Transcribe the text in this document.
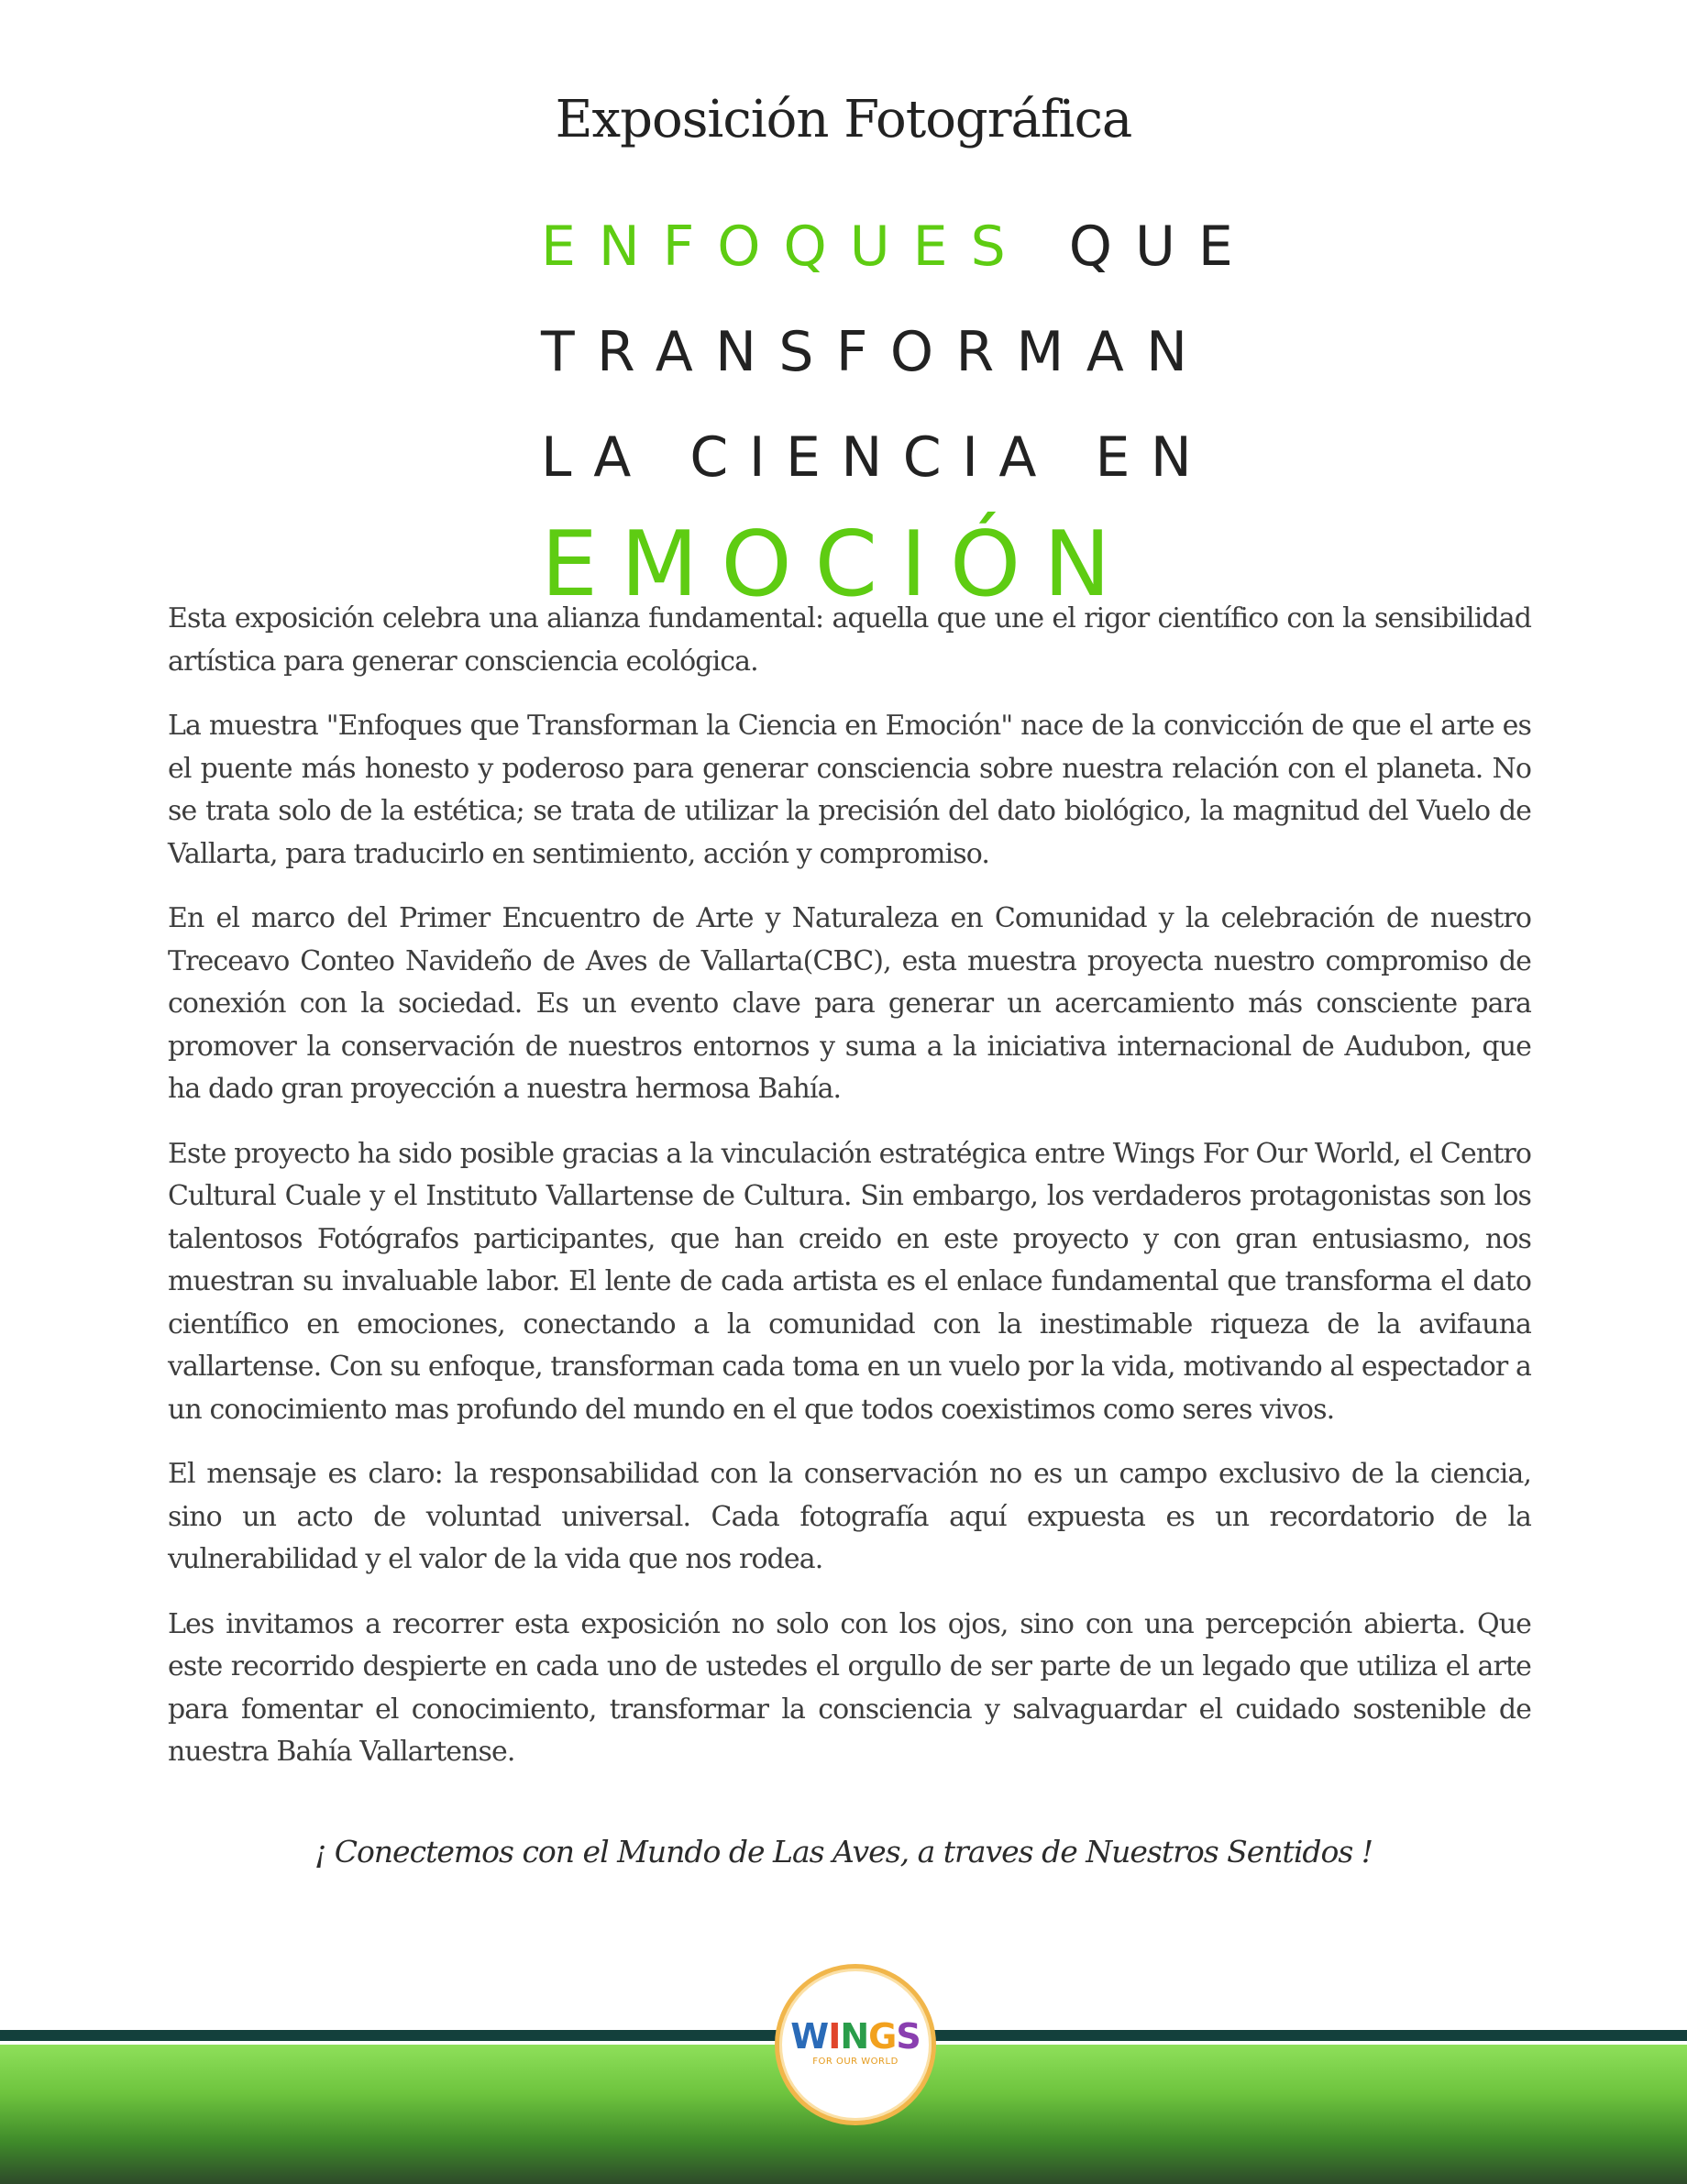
Exposición Fotográfica
ENFOQUES QUE
TRANSFORMAN
LA CIENCIA EN
EMOCIÓN

Esta exposición celebra una alianza fundamental: aquella que une el rigor científico con la sensibilidad artística para generar consciencia ecológica.

La muestra "Enfoques que Transforman la Ciencia en Emoción" nace de la convicción de que el arte es el puente más honesto y poderoso para generar consciencia sobre nuestra relación con el planeta. No se trata solo de la estética; se trata de utilizar la precisión del dato biológico, la magnitud del Vuelo de Vallarta, para traducirlo en sentimiento, acción y compromiso.

En el marco del Primer Encuentro de Arte y Naturaleza en Comunidad y la celebración de nuestro Treceavo Conteo Navideño de Aves de Vallarta(CBC), esta muestra proyecta nuestro compromiso de conexión con la sociedad. Es un evento clave para generar un acercamiento más consciente para promover la conservación de nuestros entornos y suma a la iniciativa internacional de Audubon, que ha dado gran proyección a nuestra hermosa Bahía.

Este proyecto ha sido posible gracias a la vinculación estratégica entre Wings For Our World, el Centro Cultural Cuale y el Instituto Vallartense de Cultura. Sin embargo, los verdaderos protagonistas son los talentosos Fotógrafos participantes, que han creido en este proyecto y con gran entusiasmo, nos muestran su invaluable labor. El lente de cada artista es el enlace fundamental que transforma el dato científico en emociones, conectando a la comunidad con la inestimable riqueza de la avifauna vallartense. Con su enfoque, transforman cada toma en un vuelo por la vida, motivando al espectador a un conocimiento mas profundo del mundo en el que todos coexistimos como seres vivos.

El mensaje es claro: la responsabilidad con la conservación no es un campo exclusivo de la ciencia, sino un acto de voluntad universal. Cada fotografía aquí expuesta es un recordatorio de la vulnerabilidad y el valor de la vida que nos rodea.

Les invitamos a recorrer esta exposición no solo con los ojos, sino con una percepción abierta. Que este recorrido despierte en cada uno de ustedes el orgullo de ser parte de un legado que utiliza el arte para fomentar el conocimiento, transformar la consciencia y salvaguardar el cuidado sostenible de nuestra Bahía Vallartense.

¡ Conectemos con el Mundo de Las Aves, a traves de Nuestros Sentidos !
WINGS
FOR OUR WORLD
